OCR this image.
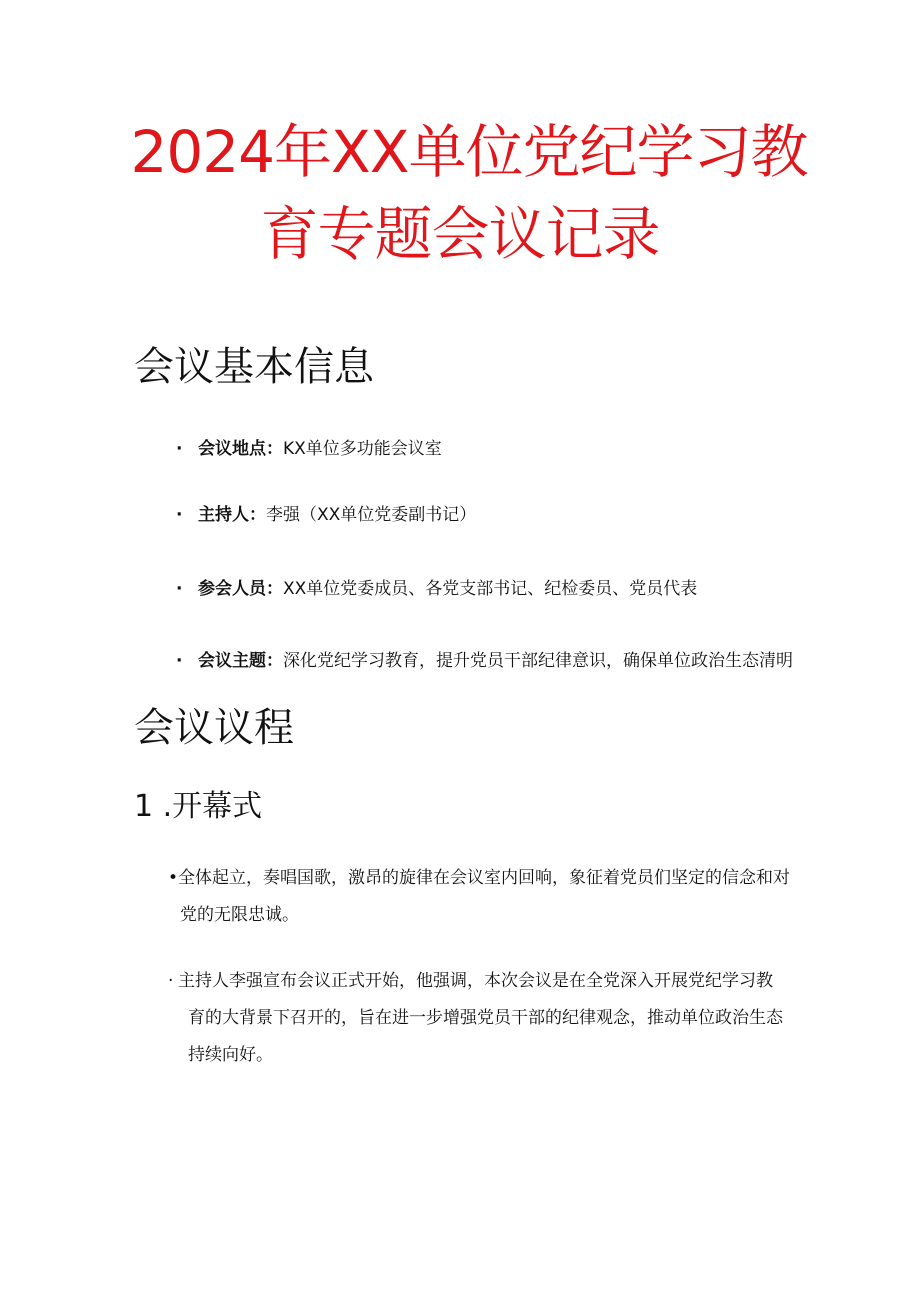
2024年XX单位党纪学习教
育专题会议记录
会议基本信息
· 会议地点：KX单位多功能会议室
· 主持人：李强（XX单位党委副书记）
· 参会人员：XX单位党委成员、各党支部书记、纪检委员、党员代表
· 会议主题：深化党纪学习教育，提升党员干部纪律意识，确保单位政治生态清明
会议议程
1 .开幕式
•全体起立，奏唱国歌，激昂的旋律在会议室内回响，象征着党员们坚定的信念和对
党的无限忠诚。
· 主持人李强宣布会议正式开始，他强调，本次会议是在全党深入开展党纪学习教
育的大背景下召开的，旨在进一步增强党员干部的纪律观念，推动单位政治生态
持续向好。
